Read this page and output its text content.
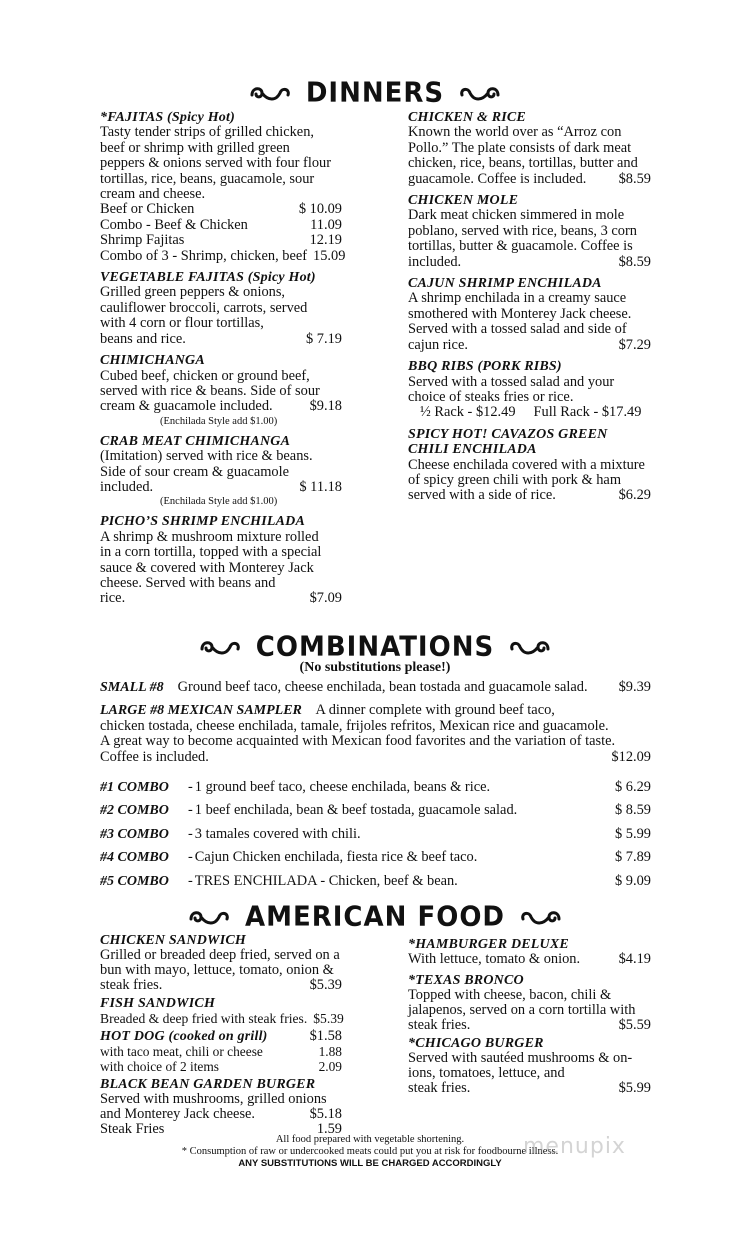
DINNERS
*FAJITAS (Spicy Hot)
Tasty tender strips of grilled chicken,
beef or shrimp with grilled green
peppers & onions served with four flour
tortillas, rice, beans, guacamole, sour
cream and cheese.
Beef or Chicken	$ 10.09
Combo - Beef & Chicken	11.09
Shrimp Fajitas	12.19
Combo of 3 - Shrimp, chicken, beef 15.09
VEGETABLE FAJITAS (Spicy Hot)
Grilled green peppers & onions,
cauliflower broccoli, carrots, served
with 4 corn or flour tortillas,
beans and rice.	$ 7.19
CHIMICHANGA
Cubed beef, chicken or ground beef,
served with rice & beans. Side of sour
cream & guacamole included.	$9.18
(Enchilada Style add $1.00)
CRAB MEAT CHIMICHANGA
(Imitation) served with rice & beans.
Side of sour cream & guacamole
included.	$ 11.18
(Enchilada Style add $1.00)
PICHO’S SHRIMP ENCHILADA
A shrimp & mushroom mixture rolled
in a corn tortilla, topped with a special
sauce & covered with Monterey Jack
cheese. Served with beans and
rice.	$7.09
CHICKEN & RICE
Known the world over as “Arroz con
Pollo.” The plate consists of dark meat
chicken, rice, beans, tortillas, butter and
guacamole. Coffee is included.	$8.59
CHICKEN MOLE
Dark meat chicken simmered in mole
poblano, served with rice, beans, 3 corn
tortillas, butter & guacamole. Coffee is
included.	$8.59
CAJUN SHRIMP ENCHILADA
A shrimp enchilada in a creamy sauce
smothered with Monterey Jack cheese.
Served with a tossed salad and side of
cajun rice.	$7.29
BBQ RIBS (PORK RIBS)
Served with a tossed salad and your
choice of steaks fries or rice.
½ Rack - $12.49     Full Rack - $17.49
SPICY HOT! CAVAZOS GREEN CHILI ENCHILADA
Cheese enchilada covered with a mixture
of spicy green chili with pork & ham
served with a side of rice.	$6.29
COMBINATIONS
(No substitutions please!)
SMALL #8 Ground beef taco, cheese enchilada, bean tostada and guacamole salad.	$9.39
LARGE #8 MEXICAN SAMPLER A dinner complete with ground beef taco,
chicken tostada, cheese enchilada, tamale, frijoles refritos, Mexican rice and guacamole.
A great way to become acquainted with Mexican food favorites and the variation of taste.
Coffee is included.	$12.09
#1 COMBO	- 1 ground beef taco, cheese enchilada, beans & rice.	$ 6.29
#2 COMBO	- 1 beef enchilada, bean & beef tostada, guacamole salad.	$ 8.59
#3 COMBO	- 3 tamales covered with chili.	$ 5.99
#4 COMBO	- Cajun Chicken enchilada, fiesta rice & beef taco.	$ 7.89
#5 COMBO	- TRES ENCHILADA - Chicken, beef & bean.	$ 9.09
AMERICAN FOOD
CHICKEN SANDWICH
Grilled or breaded deep fried, served on a
bun with mayo, lettuce, tomato, onion &
steak fries.	$5.39
FISH SANDWICH
Breaded & deep fried with steak fries. $5.39
HOT DOG (cooked on grill)	$1.58
with taco meat, chili or cheese	1.88
with choice of 2 items	2.09
BLACK BEAN GARDEN BURGER
Served with mushrooms, grilled onions
and Monterey Jack cheese.	$5.18
Steak Fries	1.59
*HAMBURGER DELUXE
With lettuce, tomato & onion.	$4.19
*TEXAS BRONCO
Topped with cheese, bacon, chili &
jalapenos, served on a corn tortilla with
steak fries.	$5.59
*CHICAGO BURGER
Served with sautéed mushrooms & on-
ions, tomatoes, lettuce, and
steak fries.	$5.99
All food prepared with vegetable shortening.
* Consumption of raw or undercooked meats could put you at risk for foodbourne illness.
ANY SUBSTITUTIONS WILL BE CHARGED ACCORDINGLY
menupix
